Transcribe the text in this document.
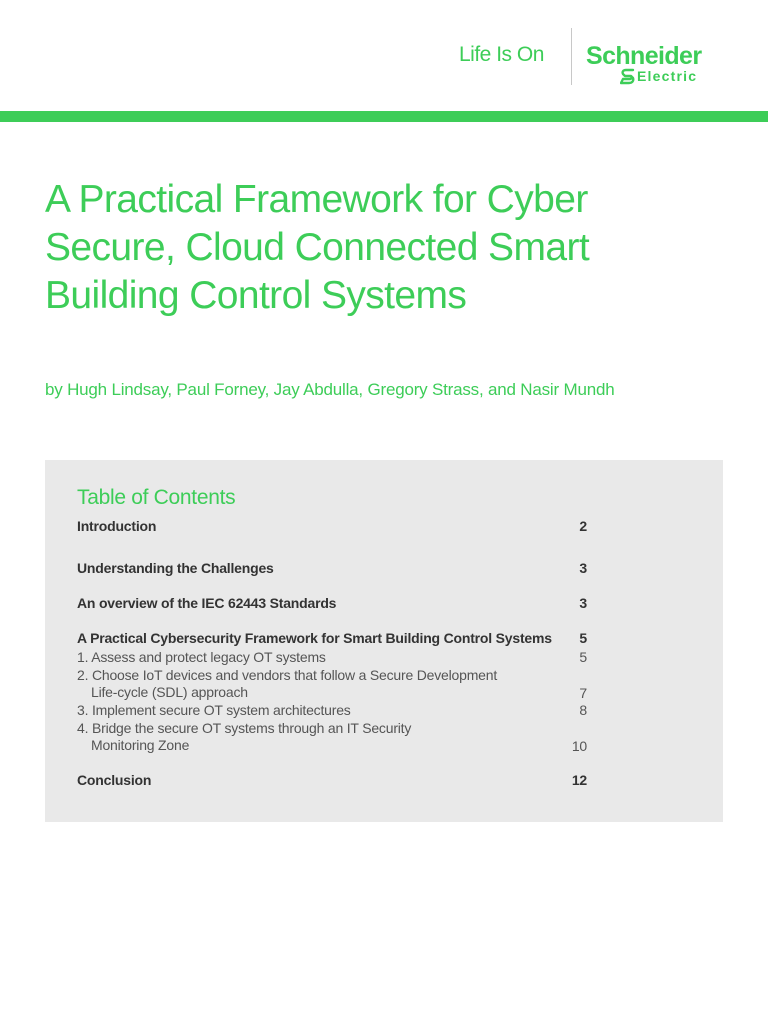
Life Is On Schneider
Electric
A Practical Framework for Cyber Secure, Cloud Connected Smart Building Control Systems
by Hugh Lindsay, Paul Forney, Jay Abdulla, Gregory Strass, and Nasir Mundh
Table of Contents
Introduction	2
Understanding the Challenges	3
An overview of the IEC 62443 Standards	3
A Practical Cybersecurity Framework for Smart Building Control Systems	5
1. Assess and protect legacy OT systems	5
2. Choose IoT devices and vendors that follow a Secure Development
Life-cycle (SDL) approach	7
3. Implement secure OT system architectures	8
4. Bridge the secure OT systems through an IT Security
Monitoring Zone	10
Conclusion	12
